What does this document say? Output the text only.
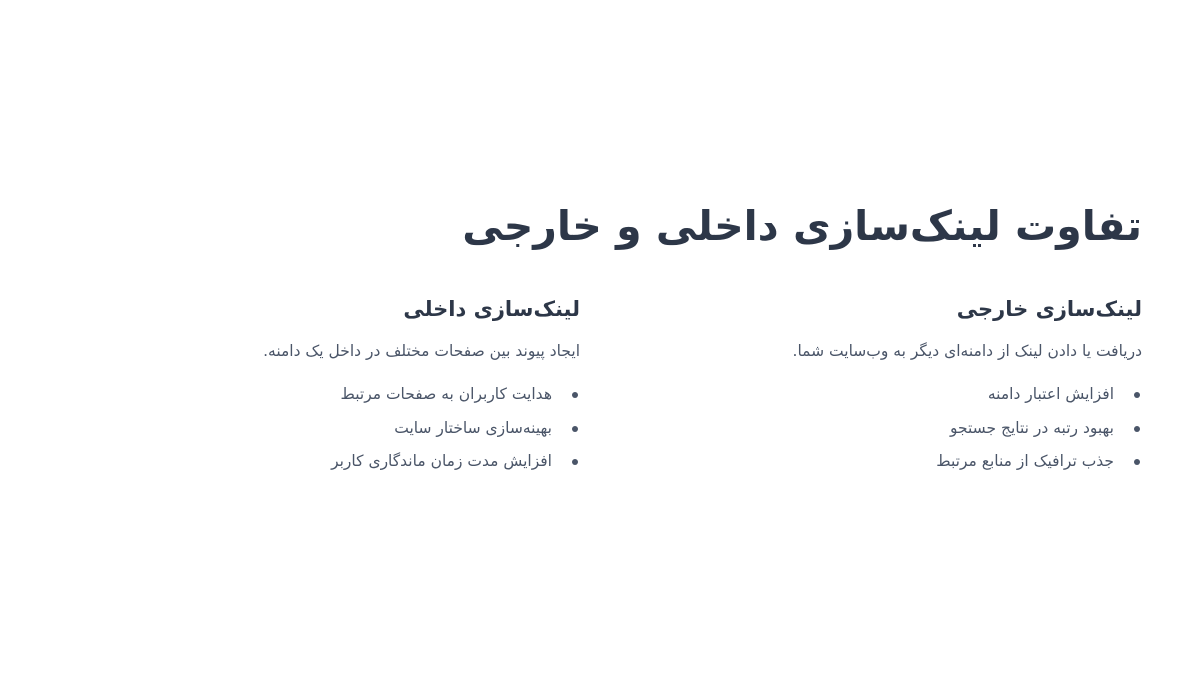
تفاوت لینک‌سازی داخلی و خارجی
لینک‌سازی خارجی

دریافت یا دادن لینک از دامنه‌ای دیگر به وب‌سایت شما.

افزایش اعتبار دامنه
بهبود رتبه در نتایج جستجو
جذب ترافیک از منابع مرتبط
لینک‌سازی داخلی

ایجاد پیوند بین صفحات مختلف در داخل یک دامنه.

هدایت کاربران به صفحات مرتبط
بهینه‌سازی ساختار سایت
افزایش مدت زمان ماندگاری کاربر
